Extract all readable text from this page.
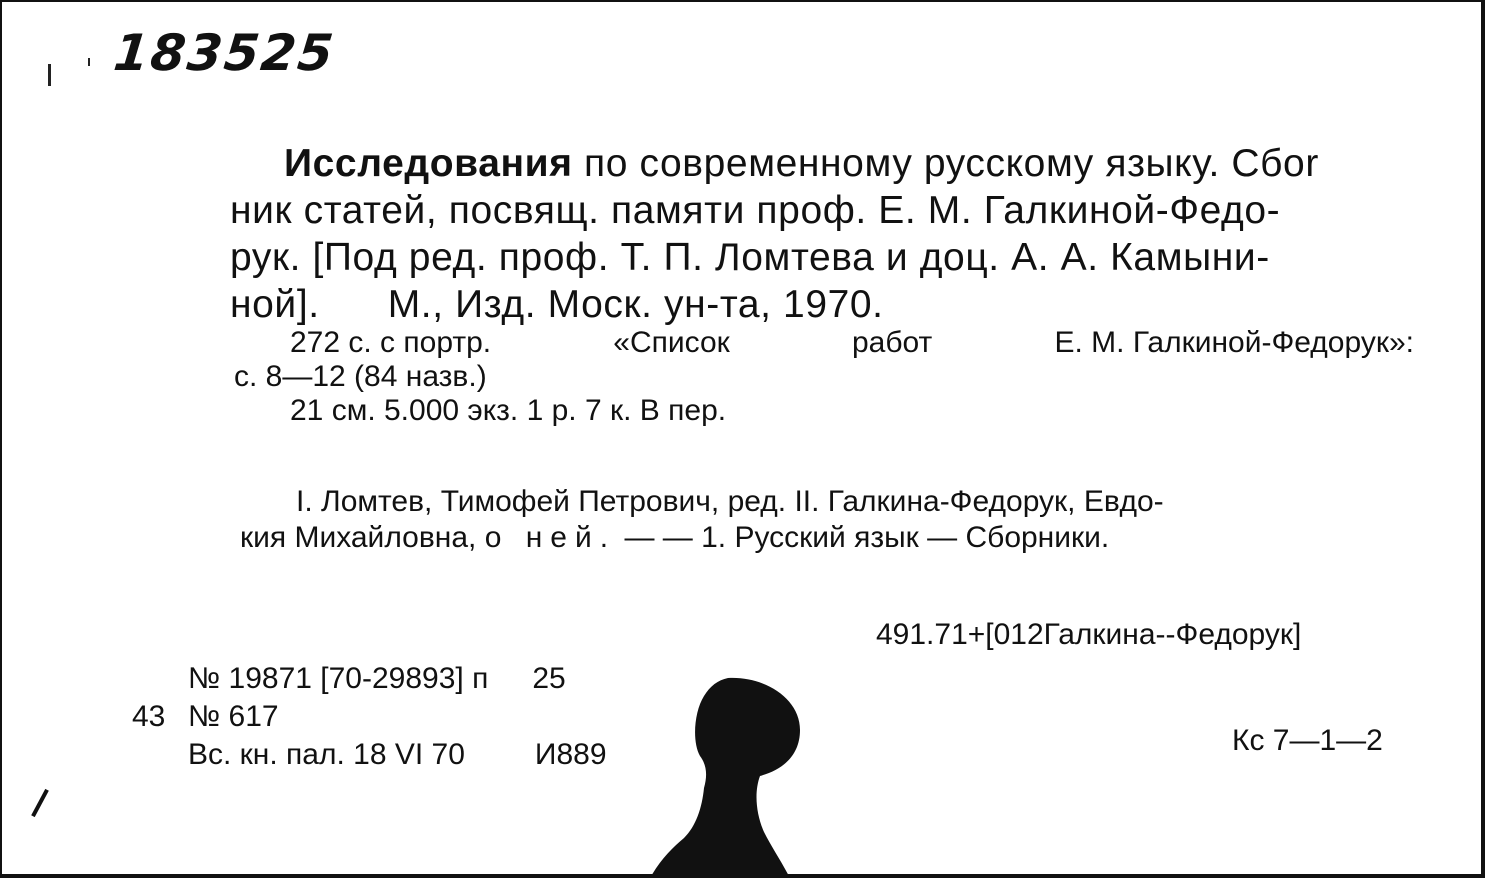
183525
Исследования по современному русскому языку. Сбоr
ник статей, посвящ. памяти проф. Е. М. Галкиной-Федо-
рук. [Под ред. проф. Т. П. Ломтева и доц. А. А. Камыни-
ной]. М., Изд. Моск. ун-та, 1970.
272 с. с портр.	«Список	работ	Е. М. Галкиной-Федорук»:
с. 8—12 (84 назв.)
21 см. 5.000 экз. 1 р. 7 к. В пер.
I. Ломтев, Тимофей Петрович, ред. II. Галкина-Федорук, Евдо-
кия Михайловна, о ней. — — 1. Русский язык — Сборники.
491.71+[012Галкина--Федорук]
№ 19871 [70-29893] п 25
43 № 617
Вс. кн. пал. 18 VI 70 И889	Кс 7—1—2
